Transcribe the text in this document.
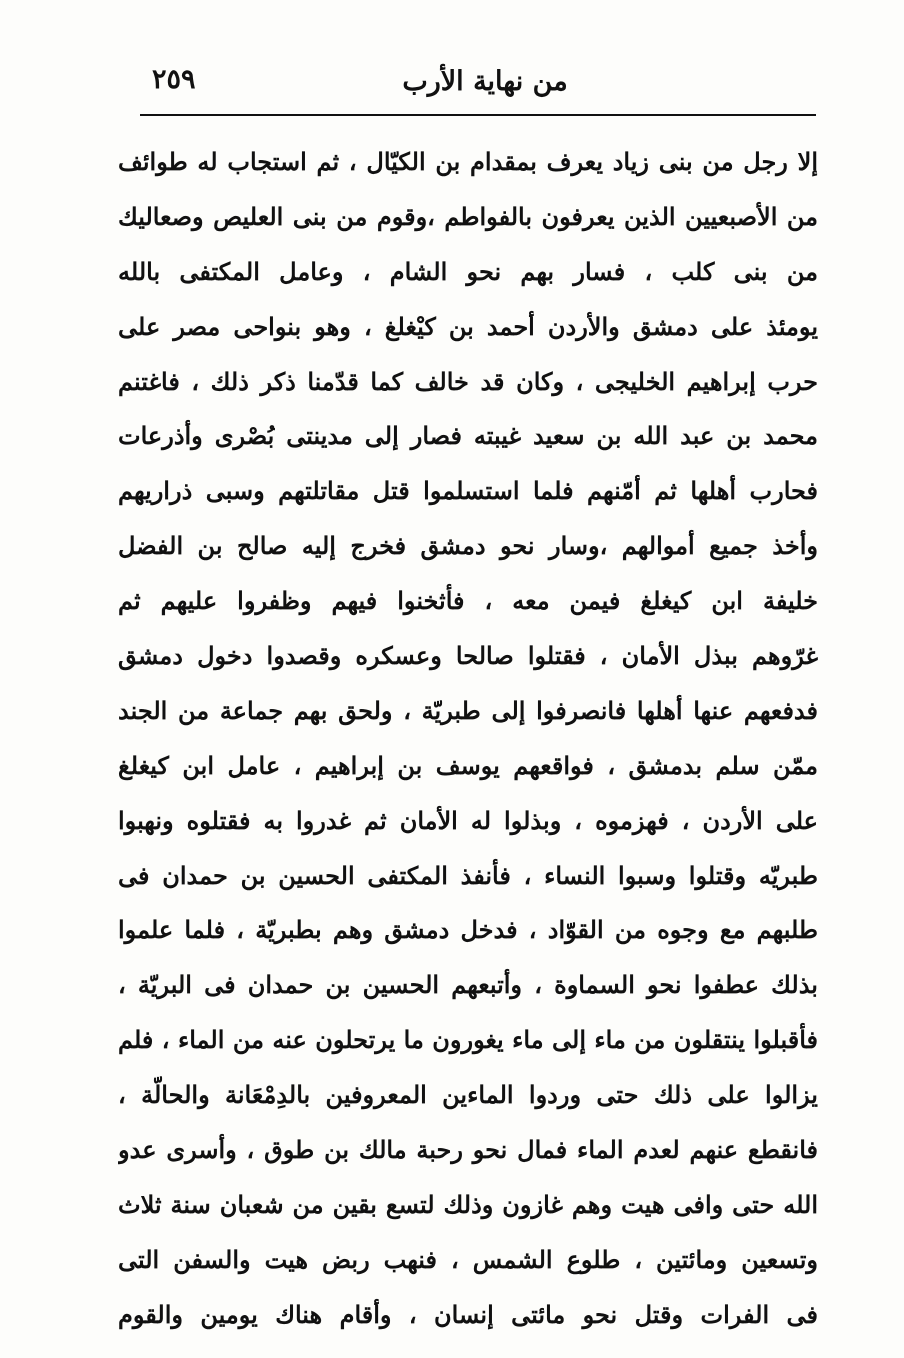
٢٥٩	من نهاية الأرب
إلا رجل من بنى زياد يعرف بمقدام بن الكيّال ، ثم استجاب له طوائف
من الأصبعيين الذين يعرفون بالفواطم ،وقوم من بنى العليص وصعاليك
من بنى كلب ، فسار بهم نحو الشام ، وعامل المكتفى بالله
يومئذ على دمشق والأردن أحمد بن كيْغلغ ، وهو بنواحى مصر على
حرب إبراهيم الخليجى ، وكان قد خالف كما قدّمنا ذكر ذلك ، فاغتنم
محمد بن عبد الله بن سعيد غيبته فصار إلى مدينتى بُصْرى وأذرعات
فحارب أهلها ثم أمّنهم فلما استسلموا قتل مقاتلتهم وسبى ذراريهم
وأخذ جميع أموالهم ،وسار نحو دمشق فخرج إليه صالح بن الفضل
خليفة ابن كيغلغ فيمن معه ، فأثخنوا فيهم وظفروا عليهم ثم
غرّوهم ببذل الأمان ، فقتلوا صالحا وعسكره وقصدوا دخول دمشق
فدفعهم عنها أهلها فانصرفوا إلى طبريّة ، ولحق بهم جماعة من الجند
ممّن سلم بدمشق ، فواقعهم يوسف بن إبراهيم ، عامل ابن كيغلغ
على الأردن ، فهزموه ، وبذلوا له الأمان ثم غدروا به فقتلوه ونهبوا
طبريّه وقتلوا وسبوا النساء ، فأنفذ المكتفى الحسين بن حمدان فى
طلبهم مع وجوه من القوّاد ، فدخل دمشق وهم بطبريّة ، فلما علموا
بذلك عطفوا نحو السماوة ، وأتبعهم الحسين بن حمدان فى البريّة ،
فأقبلوا ينتقلون من ماء إلى ماء يغورون ما يرتحلون عنه من الماء ، فلم
يزالوا على ذلك حتى وردوا الماءين المعروفين بالدِمْعَانة والحالّة ،
فانقطع عنهم لعدم الماء فمال نحو رحبة مالك بن طوق ، وأسرى عدو
الله حتى وافى هيت وهم غازون وذلك لتسع بقين من شعبان سنة ثلاث
وتسعين ومائتين ، طلوع الشمس ، فنهب ربض هيت والسفن التى
فى الفرات وقتل نحو مائتى إنسان ، وأقام هناك يومين والقوم
